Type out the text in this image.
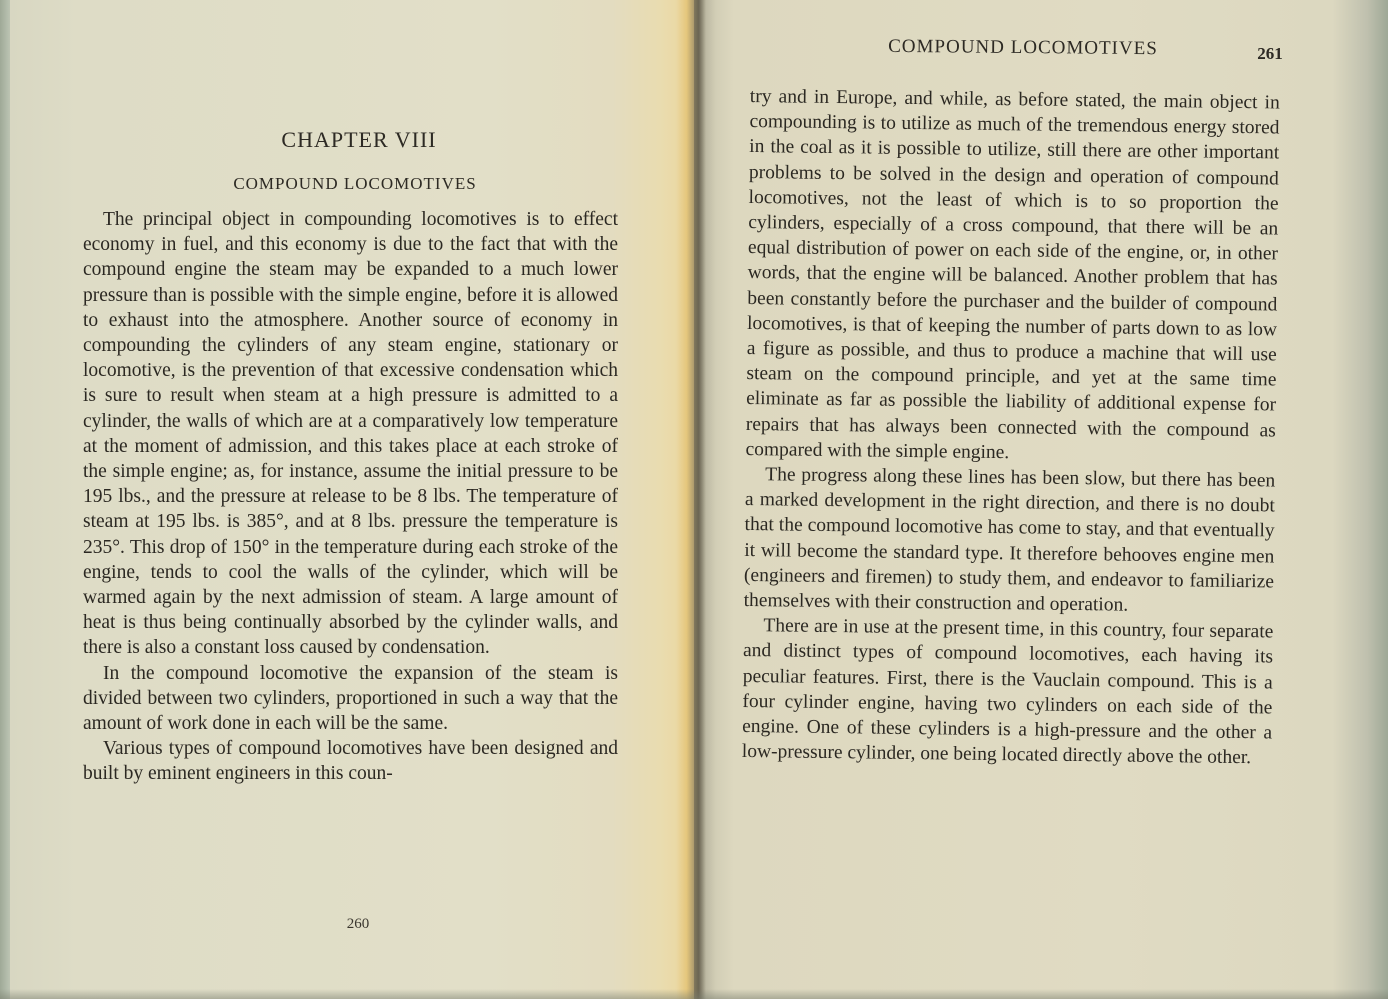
CHAPTER VIII
COMPOUND LOCOMOTIVES

The principal object in compounding locomotives is to effect economy in fuel, and this economy is due to the fact that with the compound engine the steam may be expanded to a much lower pressure than is possible with the simple engine, before it is allowed to exhaust into the atmosphere. Another source of economy in compounding the cylinders of any steam engine, stationary or locomotive, is the prevention of that excessive condensation which is sure to result when steam at a high pressure is admitted to a cylinder, the walls of which are at a comparatively low temperature at the moment of admission, and this takes place at each stroke of the simple engine; as, for instance, assume the initial pressure to be 195 lbs., and the pressure at release to be 8 lbs. The temperature of steam at 195 lbs. is 385°, and at 8 lbs. pressure the temperature is 235°. This drop of 150° in the temperature during each stroke of the engine, tends to cool the walls of the cylinder, which will be warmed again by the next admission of steam. A large amount of heat is thus being continually absorbed by the cylinder walls, and there is also a constant loss caused by condensation.

In the compound locomotive the expansion of the steam is divided between two cylinders, proportioned in such a way that the amount of work done in each will be the same.

Various types of compound locomotives have been designed and built by eminent engineers in this coun-

260
COMPOUND LOCOMOTIVES	261

try and in Europe, and while, as before stated, the main object in compounding is to utilize as much of the tremendous energy stored in the coal as it is possible to utilize, still there are other important problems to be solved in the design and operation of compound locomotives, not the least of which is to so proportion the cylinders, especially of a cross compound, that there will be an equal distribution of power on each side of the engine, or, in other words, that the engine will be balanced. Another problem that has been constantly before the purchaser and the builder of compound locomotives, is that of keeping the number of parts down to as low a figure as possible, and thus to produce a machine that will use steam on the compound principle, and yet at the same time eliminate as far as possible the liability of additional expense for repairs that has always been connected with the compound as compared with the simple engine.

The progress along these lines has been slow, but there has been a marked development in the right direction, and there is no doubt that the compound locomotive has come to stay, and that eventually it will become the standard type. It therefore behooves engine men (engineers and firemen) to study them, and endeavor to familiarize themselves with their construction and operation.

There are in use at the present time, in this country, four separate and distinct types of compound locomotives, each having its peculiar features. First, there is the Vauclain compound. This is a four cylinder engine, having two cylinders on each side of the engine. One of these cylinders is a high-pressure and the other a low-pressure cylinder, one being located directly above the other.
